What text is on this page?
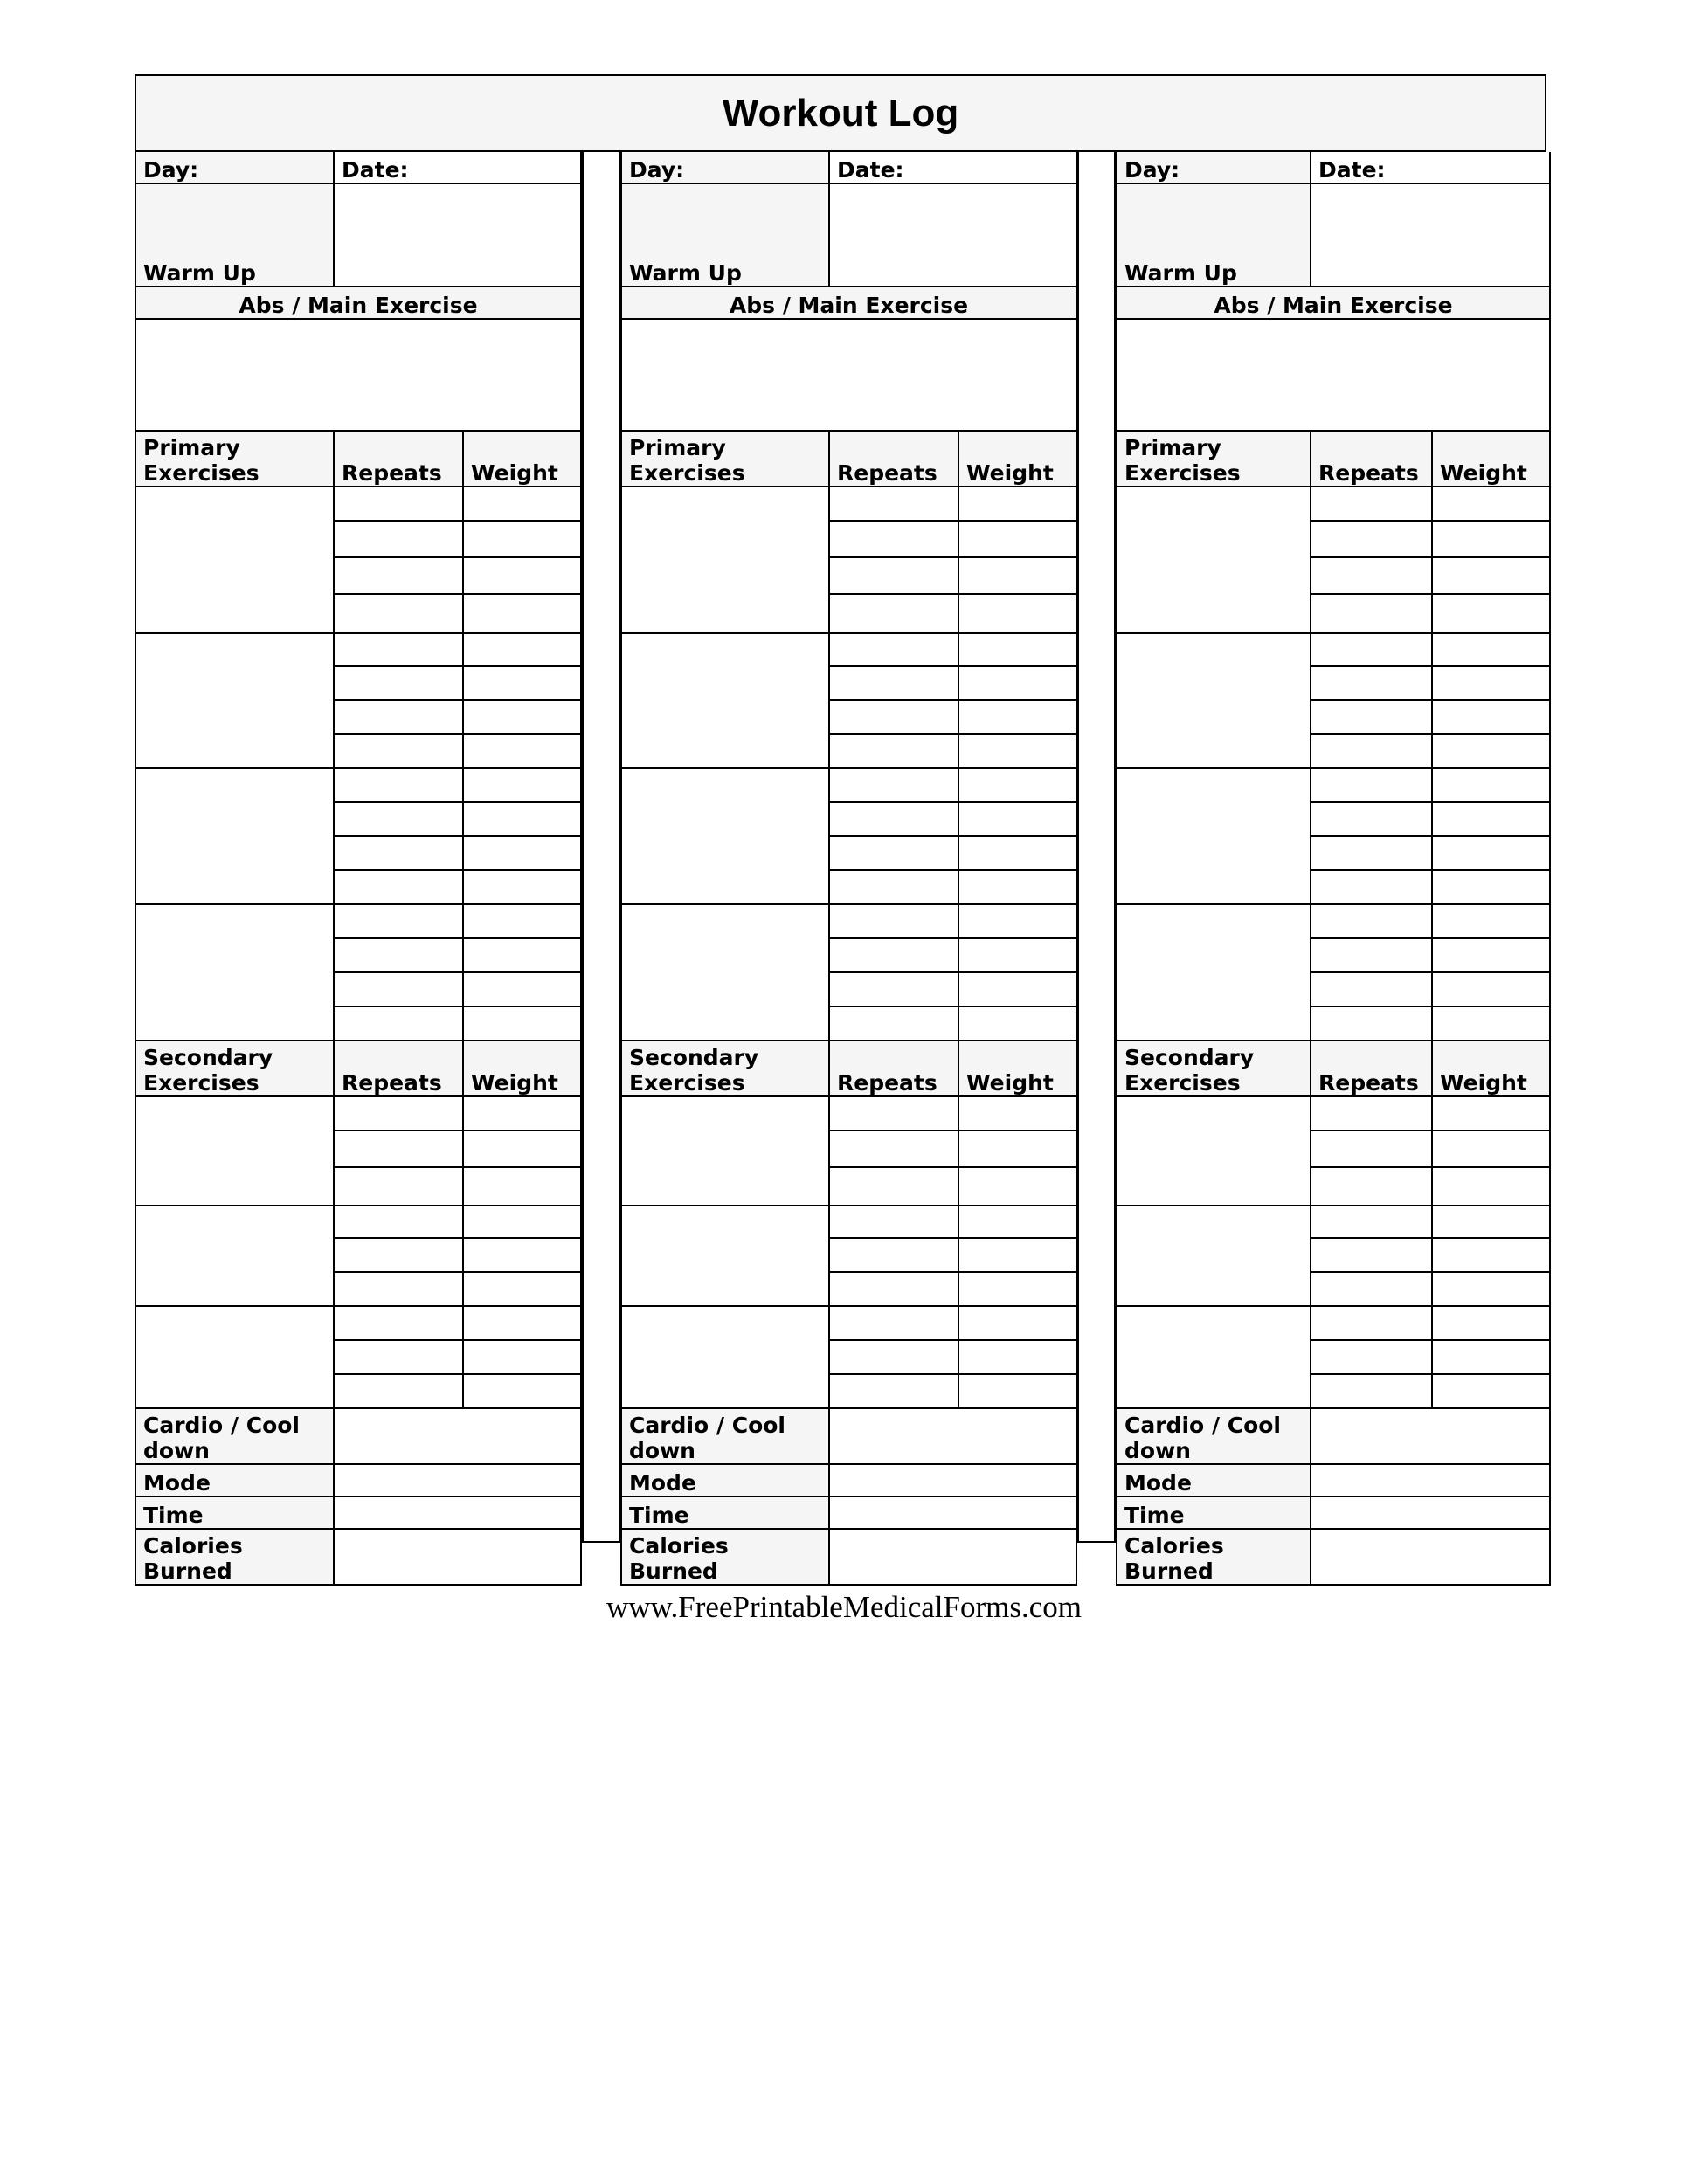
Workout Log
Day:	Date:	
Warm Up		
Abs / Main Exercise		

Primary Exercises	Repeats	Weight

Secondary Exercises	Repeats	Weight

Cardio / Cool down		
Mode		
Time		
Calories Burned		
Day:	Date:	
Warm Up		
Abs / Main Exercise		

Primary Exercises	Repeats	Weight

Secondary Exercises	Repeats	Weight

Cardio / Cool down		
Mode		
Time		
Calories Burned		
Day:	Date:	
Warm Up		
Abs / Main Exercise		

Primary Exercises	Repeats	Weight

Secondary Exercises	Repeats	Weight

Cardio / Cool down		
Mode		
Time		
Calories Burned		
www.FreePrintableMedicalForms.com
